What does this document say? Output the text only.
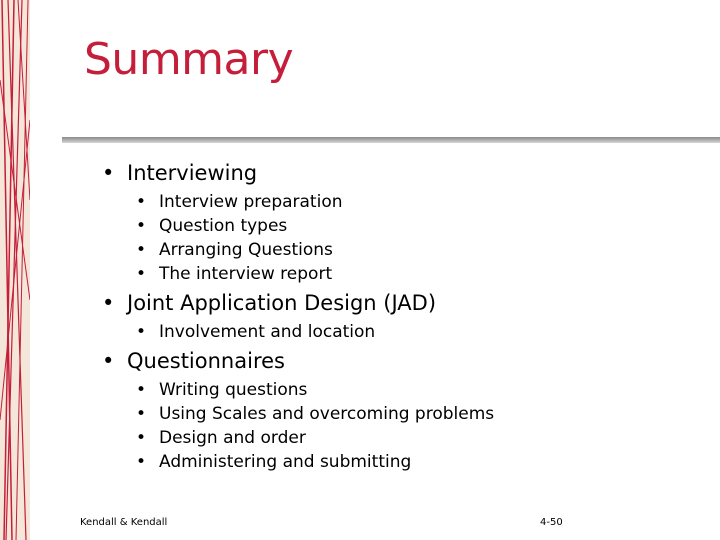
Summary
• Interviewing
• Interview preparation
• Question types
• Arranging Questions
• The interview report
• Joint Application Design (JAD)
• Involvement and location
• Questionnaires
• Writing questions
• Using Scales and overcoming problems
• Design and order
• Administering and submitting
Kendall & Kendall	4-50
